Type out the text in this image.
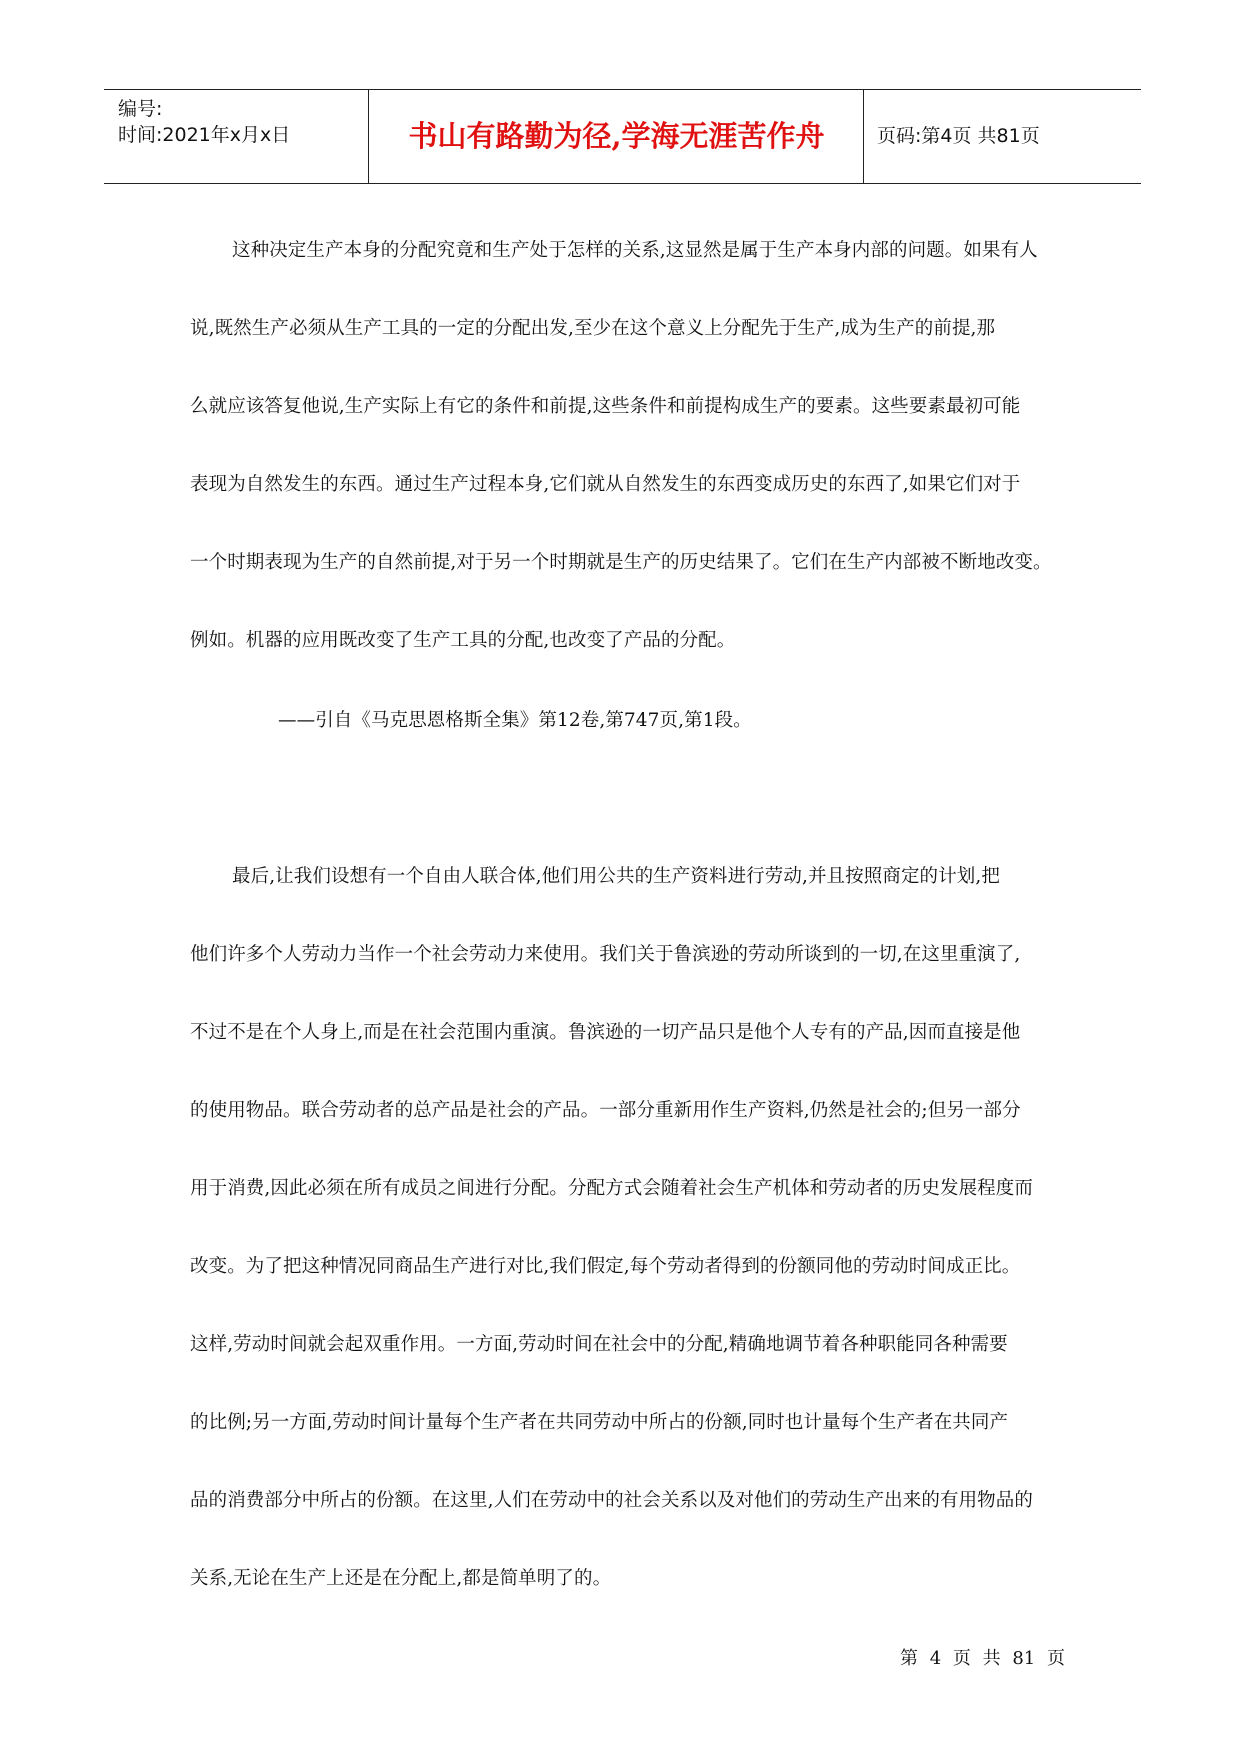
编号:
时间:2021年x月x日	书山有路勤为径,学海无涯苦作舟	页码:第4页 共81页
这种决定生产本身的分配究竟和生产处于怎样的关系,这显然是属于生产本身内部的问题。如果有人
说,既然生产必须从生产工具的一定的分配出发,至少在这个意义上分配先于生产,成为生产的前提,那
么就应该答复他说,生产实际上有它的条件和前提,这些条件和前提构成生产的要素。这些要素最初可能
表现为自然发生的东西。通过生产过程本身,它们就从自然发生的东西变成历史的东西了,如果它们对于
一个时期表现为生产的自然前提,对于另一个时期就是生产的历史结果了。它们在生产内部被不断地改变。
例如。机器的应用既改变了生产工具的分配,也改变了产品的分配。
——引自《马克思恩格斯全集》第12卷,第747页,第1段。
最后,让我们设想有一个自由人联合体,他们用公共的生产资料进行劳动,并且按照商定的计划,把
他们许多个人劳动力当作一个社会劳动力来使用。我们关于鲁滨逊的劳动所谈到的一切,在这里重演了,
不过不是在个人身上,而是在社会范围内重演。鲁滨逊的一切产品只是他个人专有的产品,因而直接是他
的使用物品。联合劳动者的总产品是社会的产品。一部分重新用作生产资料,仍然是社会的;但另一部分
用于消费,因此必须在所有成员之间进行分配。分配方式会随着社会生产机体和劳动者的历史发展程度而
改变。为了把这种情况同商品生产进行对比,我们假定,每个劳动者得到的份额同他的劳动时间成正比。
这样,劳动时间就会起双重作用。一方面,劳动时间在社会中的分配,精确地调节着各种职能同各种需要
的比例;另一方面,劳动时间计量每个生产者在共同劳动中所占的份额,同时也计量每个生产者在共同产
品的消费部分中所占的份额。在这里,人们在劳动中的社会关系以及对他们的劳动生产出来的有用物品的
关系,无论在生产上还是在分配上,都是简单明了的。
第 4 页 共 81 页
